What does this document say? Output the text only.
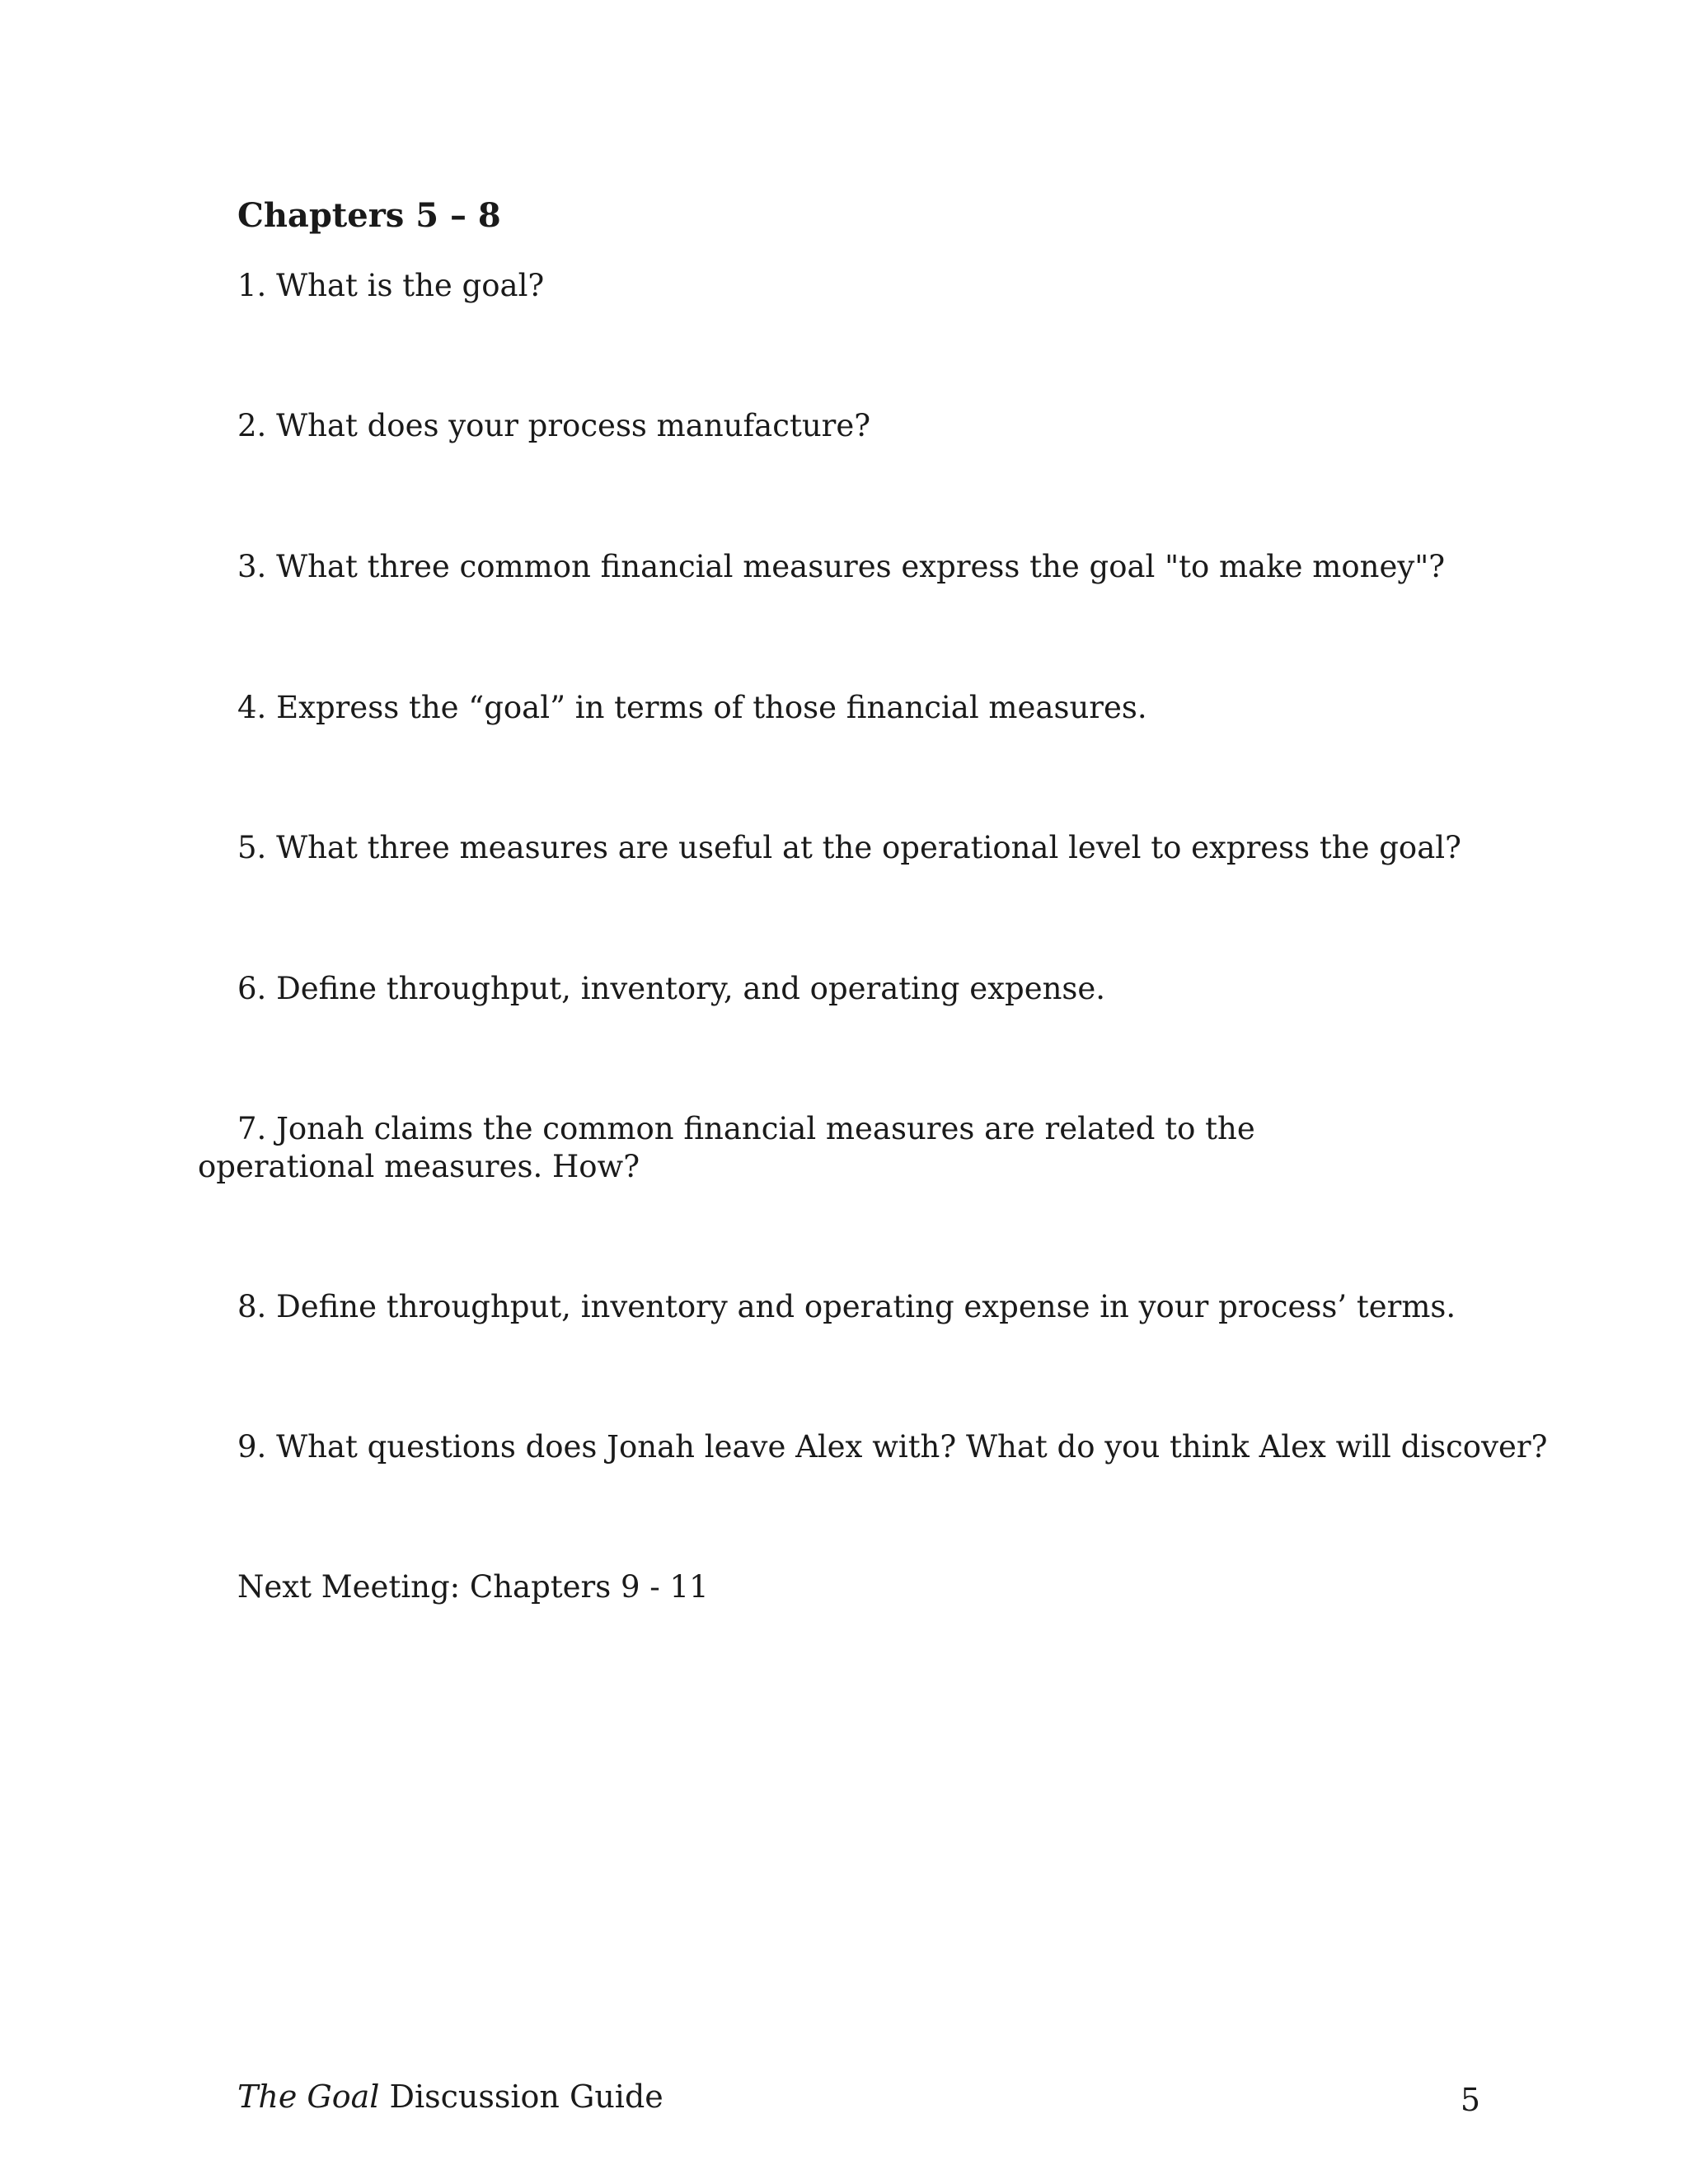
Chapters 5 – 8

1. What is the goal?

2. What does your process manufacture?

3. What three common financial measures express the goal "to make money"?

4. Express the “goal” in terms of those financial measures.

5. What three measures are useful at the operational level to express the goal?

6. Define throughput, inventory, and operating expense.

7. Jonah claims the common financial measures are related to the operational measures. How?

8. Define throughput, inventory and operating expense in your process’ terms.

9. What questions does Jonah leave Alex with? What do you think Alex will discover?

Next Meeting: Chapters 9 - 11

The Goal Discussion Guide	5
